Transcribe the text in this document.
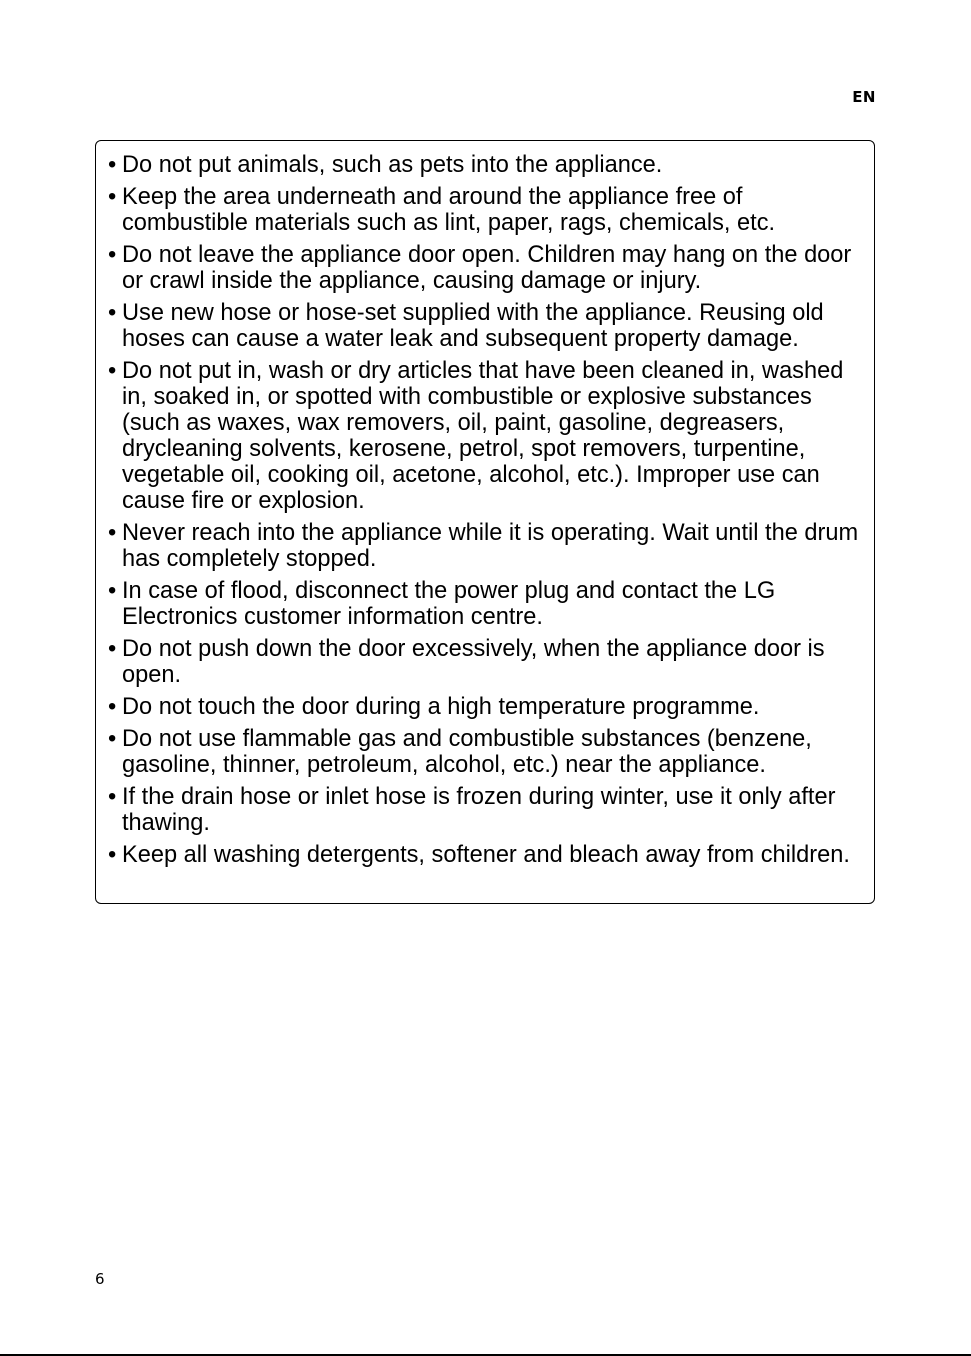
EN
• Do not put animals, such as pets into the appliance.
• Keep the area underneath and around the appliance free of combustible materials such as lint, paper, rags, chemicals, etc.
• Do not leave the appliance door open. Children may hang on the door or crawl inside the appliance, causing damage or injury.
• Use new hose or hose-set supplied with the appliance. Reusing old hoses can cause a water leak and subsequent property damage.
• Do not put in, wash or dry articles that have been cleaned in, washed in, soaked in, or spotted with combustible or explosive substances (such as waxes, wax removers, oil, paint, gasoline, degreasers, drycleaning solvents, kerosene, petrol, spot removers, turpentine, vegetable oil, cooking oil, acetone, alcohol, etc.). Improper use can cause fire or explosion.
• Never reach into the appliance while it is operating. Wait until the drum has completely stopped.
• In case of flood, disconnect the power plug and contact the LG Electronics customer information centre.
• Do not push down the door excessively, when the appliance door is open.
• Do not touch the door during a high temperature programme.
• Do not use flammable gas and combustible substances (benzene, gasoline, thinner, petroleum, alcohol, etc.) near the appliance.
• If the drain hose or inlet hose is frozen during winter, use it only after thawing.
• Keep all washing detergents, softener and bleach away from children.
6
